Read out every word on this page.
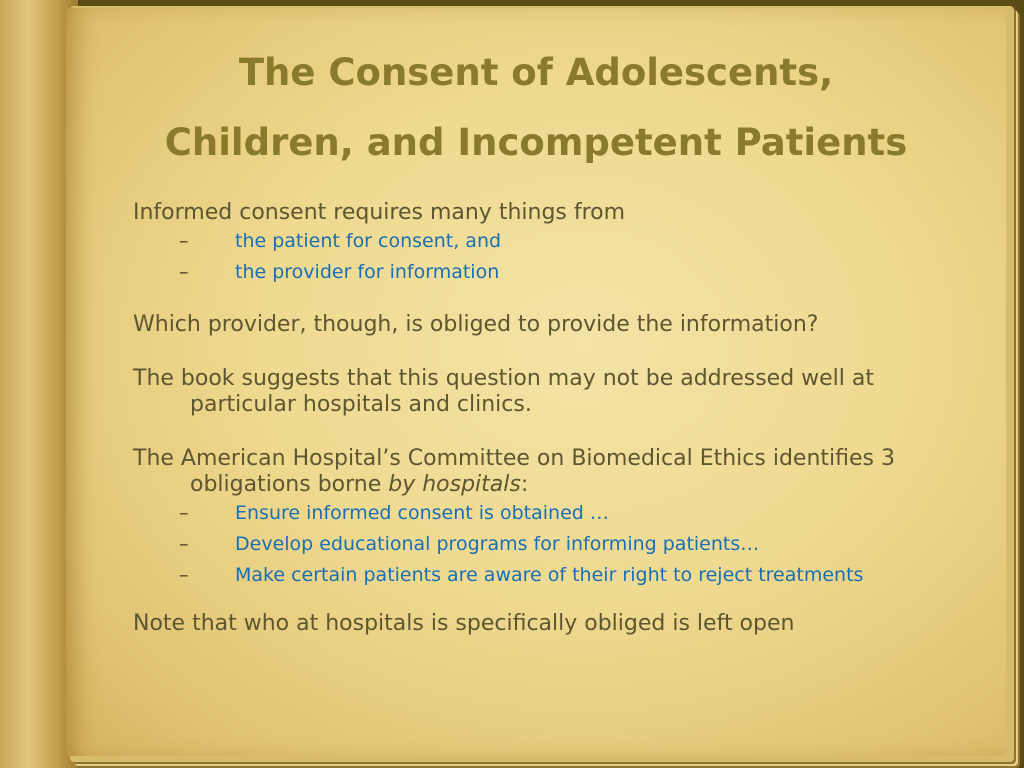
The Consent of Adolescents,
Children, and Incompetent Patients

Informed consent requires many things from

– the patient for consent, and
– the provider for information

Which provider, though, is obliged to provide the information?

The book suggests that this question may not be addressed well at particular hospitals and clinics.

The American Hospital’s Committee on Biomedical Ethics identifies 3 obligations borne by hospitals:

– Ensure informed consent is obtained …
– Develop educational programs for informing patients…
– Make certain patients are aware of their right to reject treatments

Note that who at hospitals is specifically obliged is left open
